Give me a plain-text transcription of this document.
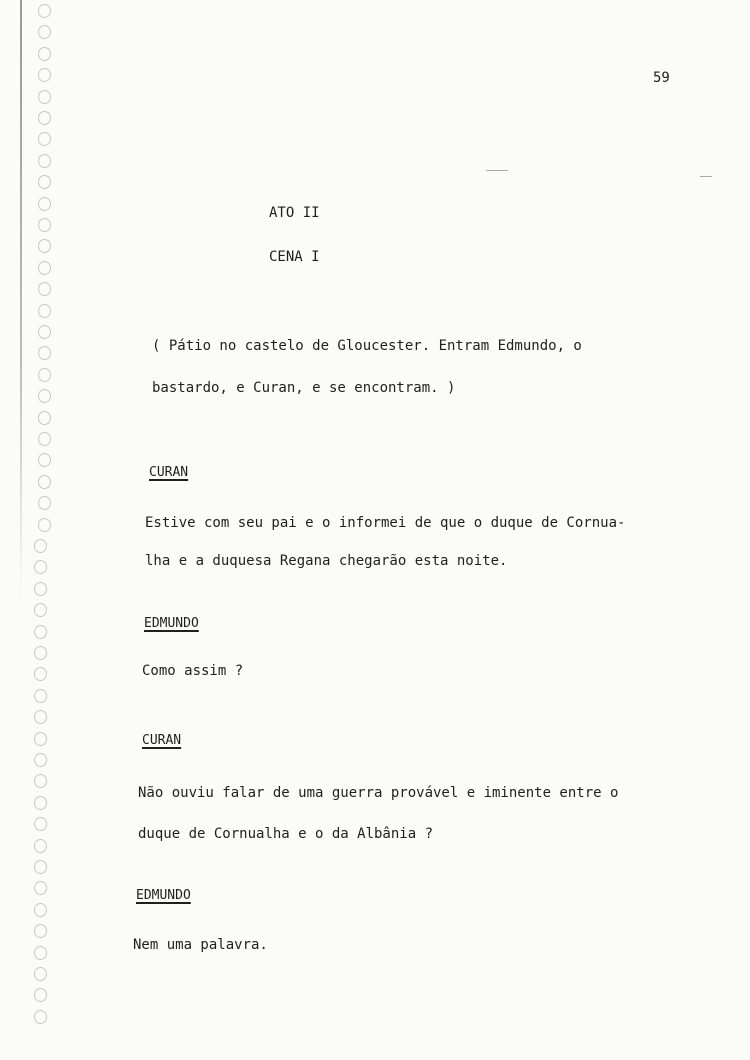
59
ATO II
CENA I
( Pátio no castelo de Gloucester. Entram Edmundo, o
bastardo, e Curan, e se encontram. )
CURAN
Estive com seu pai e o informei de que o duque de Cornua-
lha e a duquesa Regana chegarão esta noite.
EDMUNDO
Como assim ?
CURAN
Não ouviu falar de uma guerra provável e iminente entre o
duque de Cornualha e o da Albânia ?
EDMUNDO
Nem uma palavra.
